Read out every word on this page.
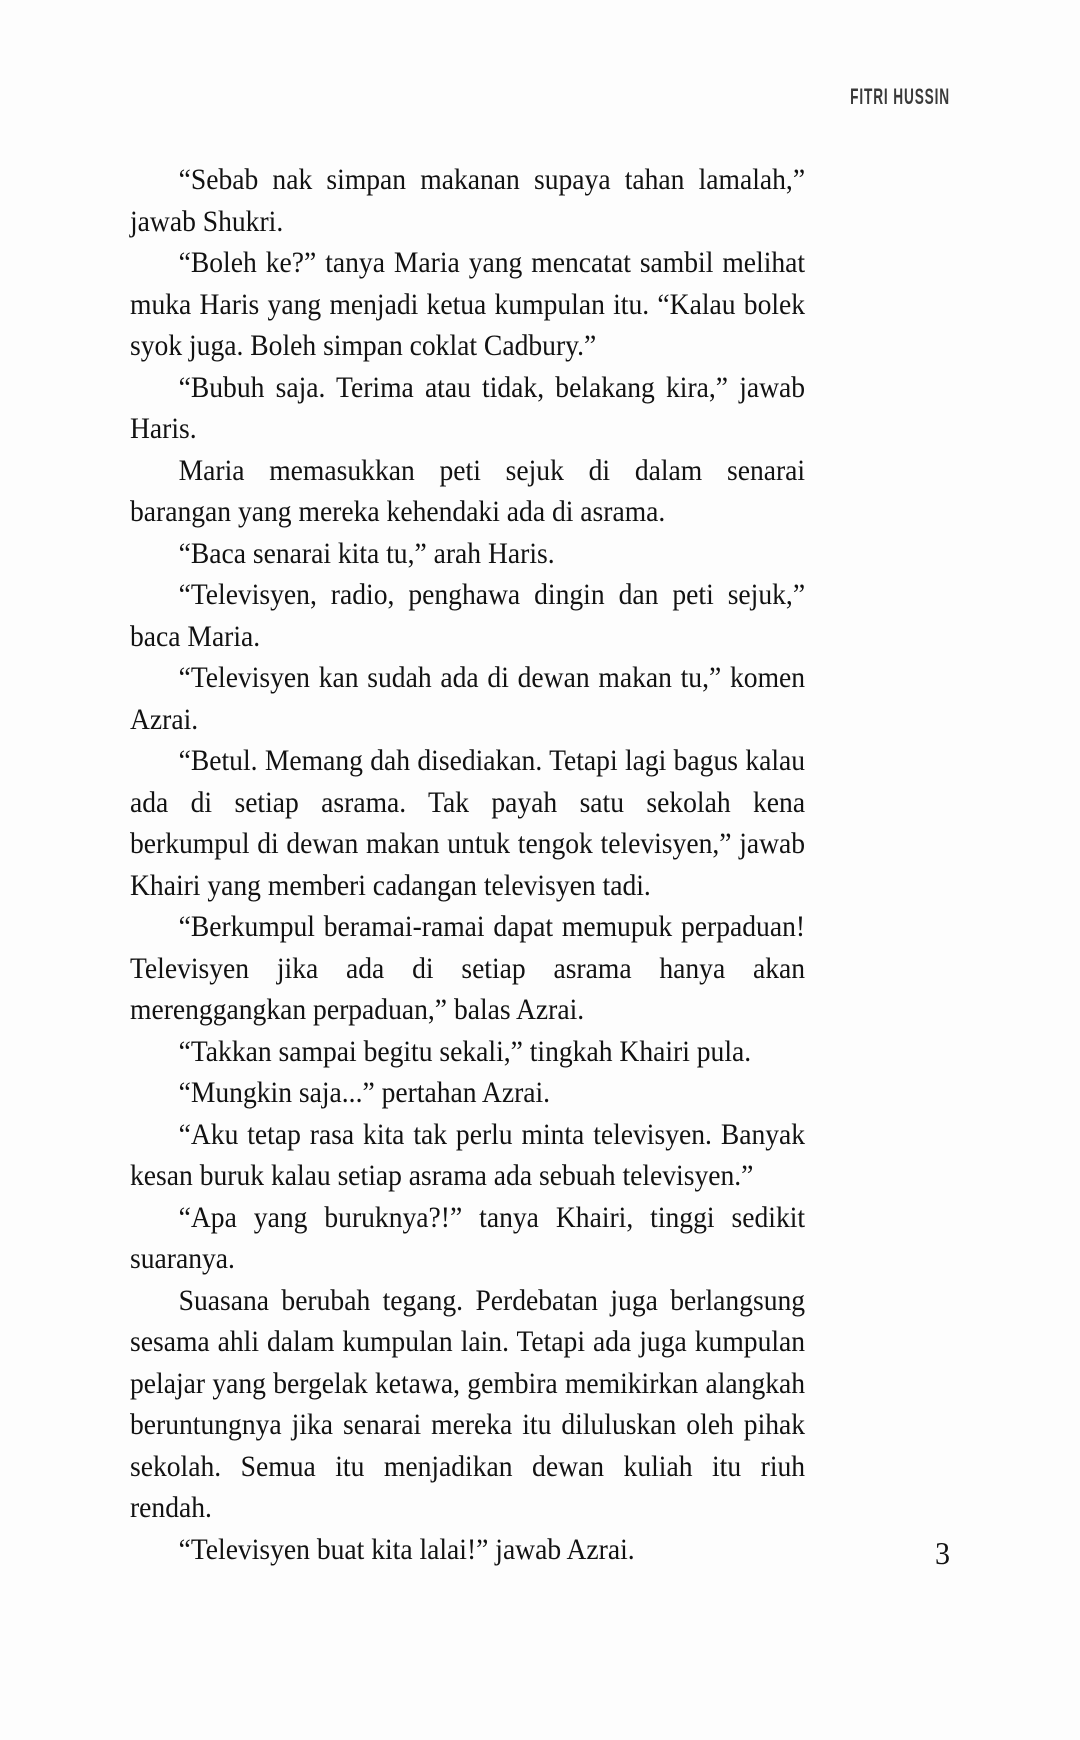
FITRI HUSSIN

“Sebab nak simpan makanan supaya tahan lamalah,” jawab Shukri.

“Boleh ke?” tanya Maria yang mencatat sambil melihat muka Haris yang menjadi ketua kumpulan itu. “Kalau bolek syok juga. Boleh simpan coklat Cadbury.”

“Bubuh saja. Terima atau tidak, belakang kira,” jawab Haris.

Maria memasukkan peti sejuk di dalam senarai barangan yang mereka kehendaki ada di asrama.

“Baca senarai kita tu,” arah Haris.

“Televisyen, radio, penghawa dingin dan peti sejuk,” baca Maria.

“Televisyen kan sudah ada di dewan makan tu,” komen Azrai.

“Betul. Memang dah disediakan. Tetapi lagi bagus kalau ada di setiap asrama. Tak payah satu sekolah kena berkumpul di dewan makan untuk tengok televisyen,” jawab Khairi yang memberi cadangan televisyen tadi.

“Berkumpul beramai-ramai dapat memupuk perpaduan! Televisyen jika ada di setiap asrama hanya akan merenggangkan perpaduan,” balas Azrai.

“Takkan sampai begitu sekali,” tingkah Khairi pula.

“Mungkin saja...” pertahan Azrai.

“Aku tetap rasa kita tak perlu minta televisyen. Banyak kesan buruk kalau setiap asrama ada sebuah televisyen.”

“Apa yang buruknya?!” tanya Khairi, tinggi sedikit suaranya.

Suasana berubah tegang. Perdebatan juga berlangsung sesama ahli dalam kumpulan lain. Tetapi ada juga kumpulan pelajar yang bergelak ketawa, gembira memikirkan alangkah beruntungnya jika senarai mereka itu diluluskan oleh pihak sekolah. Semua itu menjadikan dewan kuliah itu riuh rendah.

“Televisyen buat kita lalai!” jawab Azrai.	3
